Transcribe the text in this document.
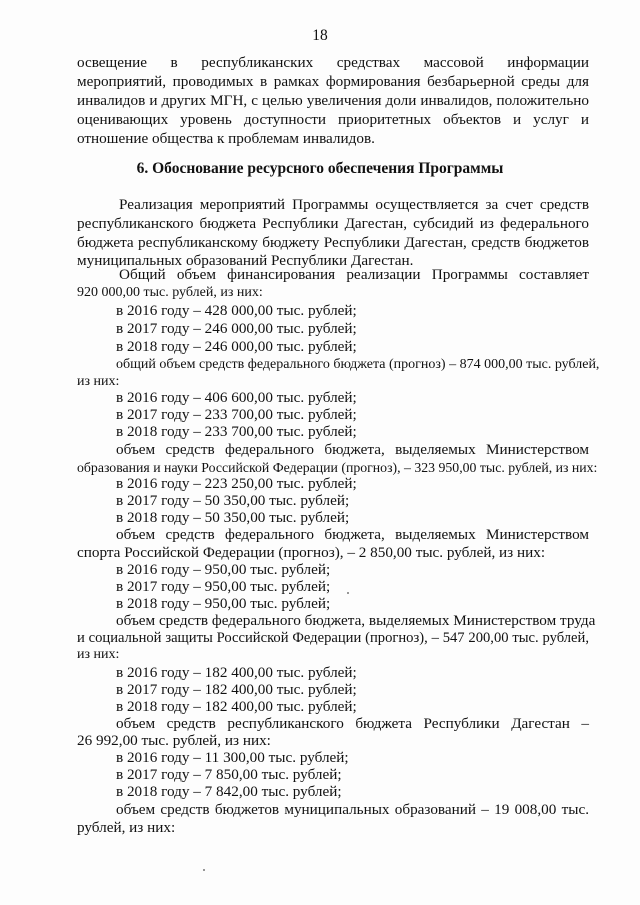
18
освещение в республиканских средствах массовой информации
мероприятий, проводимых в рамках формирования безбарьерной среды для
инвалидов и других МГН, с целью увеличения доли инвалидов, положительно
оценивающих уровень доступности приоритетных объектов и услуг и
отношение общества к проблемам инвалидов.
6. Обоснование ресурсного обеспечения Программы
Реализация мероприятий Программы осуществляется за счет средств
республиканского бюджета Республики Дагестан, субсидий из федерального
бюджета республиканскому бюджету Республики Дагестан, средств бюджетов
муниципальных образований Республики Дагестан.
Общий объем финансирования реализации Программы составляет
920 000,00 тыс. рублей, из них:
в 2016 году – 428 000,00 тыс. рублей;
в 2017 году – 246 000,00 тыс. рублей;
в 2018 году – 246 000,00 тыс. рублей;
общий объем средств федерального бюджета (прогноз) – 874 000,00 тыс. рублей,
из них:
в 2016 году – 406 600,00 тыс. рублей;
в 2017 году – 233 700,00 тыс. рублей;
в 2018 году – 233 700,00 тыс. рублей;
объем средств федерального бюджета, выделяемых Министерством
образования и науки Российской Федерации (прогноз), – 323 950,00 тыс. рублей, из них:
в 2016 году – 223 250,00 тыс. рублей;
в 2017 году – 50 350,00 тыс. рублей;
в 2018 году – 50 350,00 тыс. рублей;
объем средств федерального бюджета, выделяемых Министерством
спорта Российской Федерации (прогноз), – 2 850,00 тыс. рублей, из них:
в 2016 году – 950,00 тыс. рублей;
в 2017 году – 950,00 тыс. рублей;
в 2018 году – 950,00 тыс. рублей;
объем средств федерального бюджета, выделяемых Министерством труда
и социальной защиты Российской Федерации (прогноз), – 547 200,00 тыс. рублей,
из них:
в 2016 году – 182 400,00 тыс. рублей;
в 2017 году – 182 400,00 тыс. рублей;
в 2018 году – 182 400,00 тыс. рублей;
объем средств республиканского бюджета Республики Дагестан –
26 992,00 тыс. рублей, из них:
в 2016 году – 11 300,00 тыс. рублей;
в 2017 году – 7 850,00 тыс. рублей;
в 2018 году – 7 842,00 тыс. рублей;
объем средств бюджетов муниципальных образований – 19 008,00 тыс.
рублей, из них:
